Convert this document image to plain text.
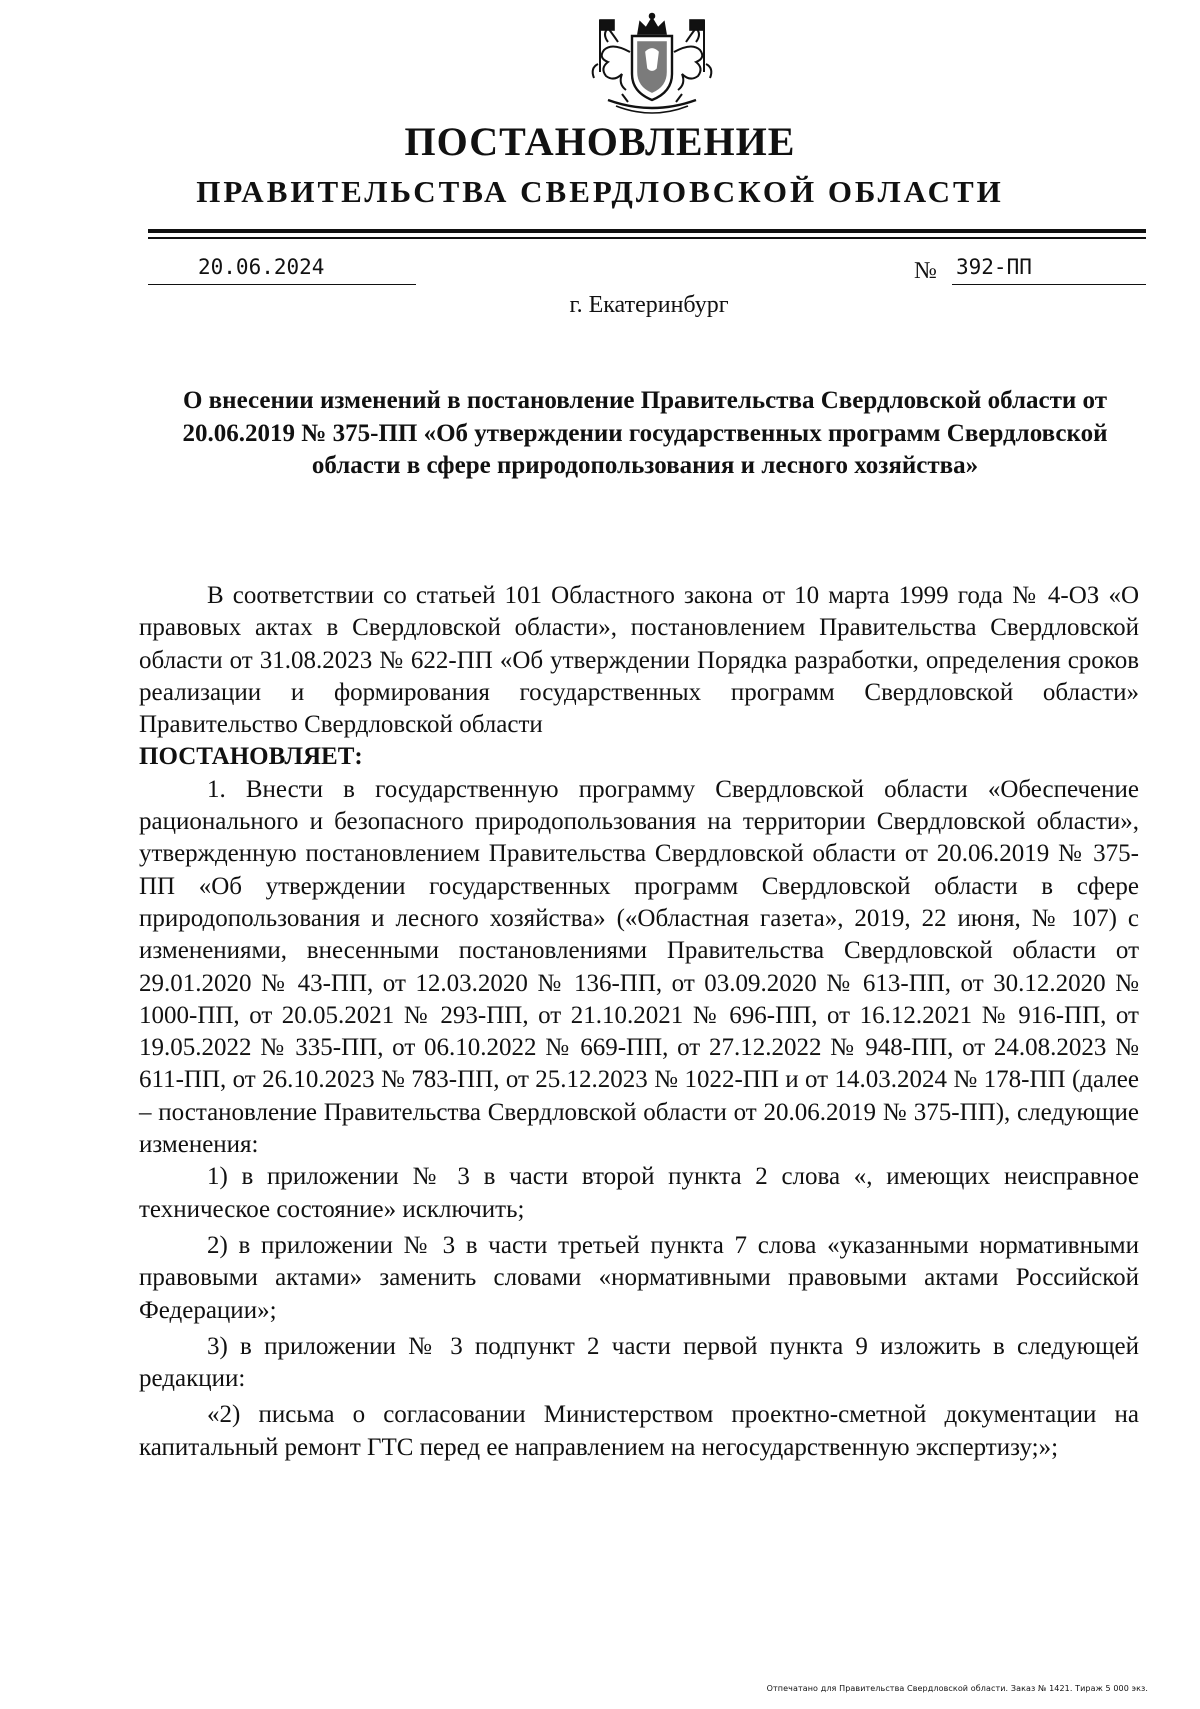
ПОСТАНОВЛЕНИЕ
ПРАВИТЕЛЬСТВА СВЕРДЛОВСКОЙ ОБЛАСТИ
20.06.2024	№ 392-ПП
г. Екатеринбург
О внесении изменений в постановление Правительства Свердловской области от 20.06.2019 № 375-ПП «Об утверждении государственных программ Свердловской области в сфере природопользования и лесного хозяйства»

В соответствии со статьей 101 Областного закона от 10 марта 1999 года № 4-ОЗ «О правовых актах в Свердловской области», постановлением Правительства Свердловской области от 31.08.2023 № 622-ПП «Об утверждении Порядка разработки, определения сроков реализации и формирования государственных программ Свердловской области» Правительство Свердловской области

ПОСТАНОВЛЯЕТ:

1. Внести в государственную программу Свердловской области «Обеспечение рационального и безопасного природопользования на территории Свердловской области», утвержденную постановлением Правительства Свердловской области от 20.06.2019 № 375-ПП «Об утверждении государственных программ Свердловской области в сфере природопользования и лесного хозяйства» («Областная газета», 2019, 22 июня, № 107) с изменениями, внесенными постановлениями Правительства Свердловской области от 29.01.2020 № 43-ПП, от 12.03.2020 № 136-ПП, от 03.09.2020 № 613-ПП, от 30.12.2020 № 1000-ПП, от 20.05.2021 № 293-ПП, от 21.10.2021 № 696-ПП, от 16.12.2021 № 916-ПП, от 19.05.2022 № 335-ПП, от 06.10.2022 № 669-ПП, от 27.12.2022 № 948-ПП, от 24.08.2023 № 611-ПП, от 26.10.2023 № 783-ПП, от 25.12.2023 № 1022-ПП и от 14.03.2024 № 178-ПП (далее – постановление Правительства Свердловской области от 20.06.2019 № 375-ПП), следующие изменения:

1) в приложении № 3 в части второй пункта 2 слова «, имеющих неисправное техническое состояние» исключить;

2) в приложении № 3 в части третьей пункта 7 слова «указанными нормативными правовыми актами» заменить словами «нормативными правовыми актами Российской Федерации»;

3) в приложении № 3 подпункт 2 части первой пункта 9 изложить в следующей редакции:

«2) письма о согласовании Министерством проектно-сметной документации на капитальный ремонт ГТС перед ее направлением на негосударственную экспертизу;»;

Отпечатано для Правительства Свердловской области. Заказ № 1421. Тираж 5 000 экз.
